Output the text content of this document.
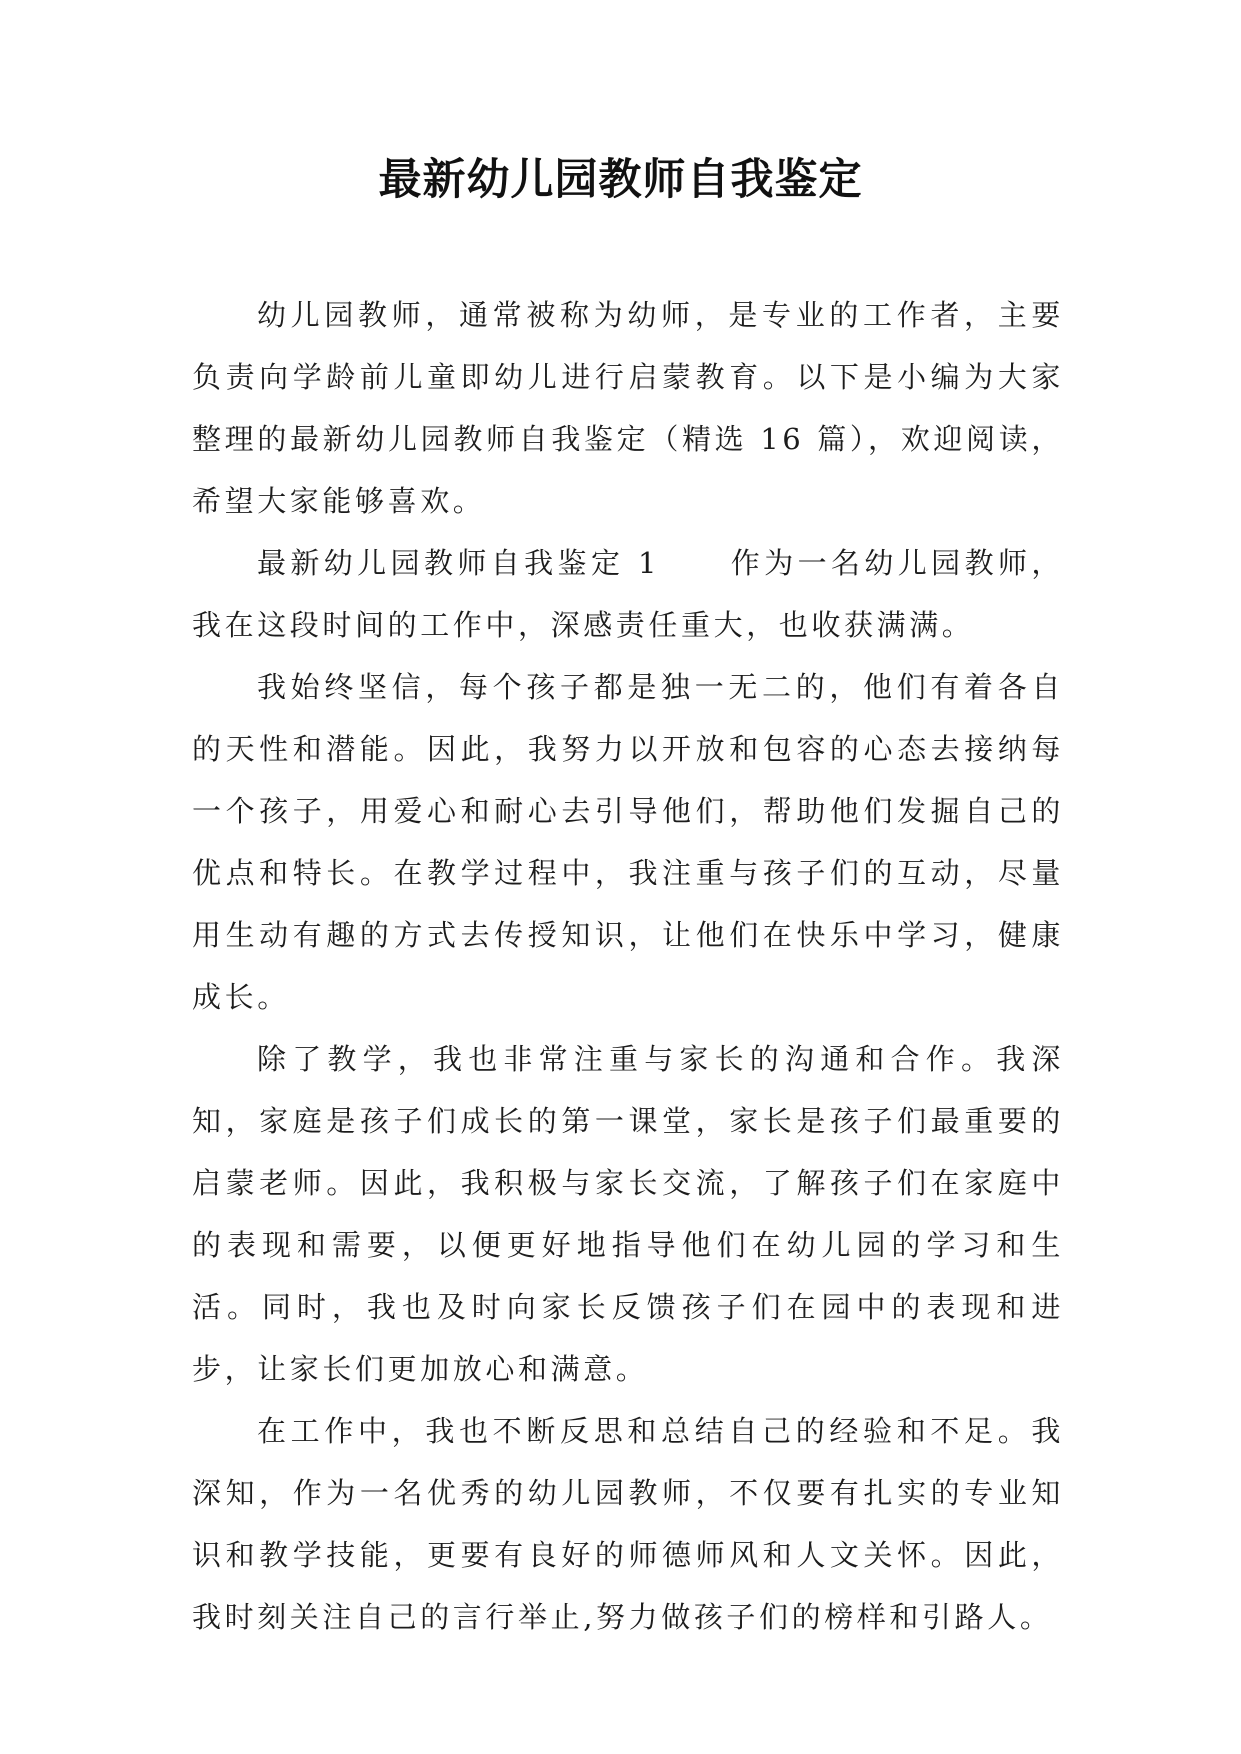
最新幼儿园教师自我鉴定

幼儿园教师，通常被称为幼师，是专业的工作者，主要负责向学龄前儿童即幼儿进行启蒙教育。以下是小编为大家整理的最新幼儿园教师自我鉴定（精选 16 篇），欢迎阅读，希望大家能够喜欢。

最新幼儿园教师自我鉴定 1 作为一名幼儿园教师，我在这段时间的工作中，深感责任重大，也收获满满。

我始终坚信，每个孩子都是独一无二的，他们有着各自的天性和潜能。因此，我努力以开放和包容的心态去接纳每一个孩子，用爱心和耐心去引导他们，帮助他们发掘自己的优点和特长。在教学过程中，我注重与孩子们的互动，尽量用生动有趣的方式去传授知识，让他们在快乐中学习，健康成长。

除了教学，我也非常注重与家长的沟通和合作。我深知，家庭是孩子们成长的第一课堂，家长是孩子们最重要的启蒙老师。因此，我积极与家长交流，了解孩子们在家庭中的表现和需要，以便更好地指导他们在幼儿园的学习和生活。同时，我也及时向家长反馈孩子们在园中的表现和进步，让家长们更加放心和满意。

在工作中，我也不断反思和总结自己的经验和不足。我深知，作为一名优秀的幼儿园教师，不仅要有扎实的专业知识和教学技能，更要有良好的师德师风和人文关怀。因此，我时刻关注自己的言行举止,努力做孩子们的榜样和引路人。
